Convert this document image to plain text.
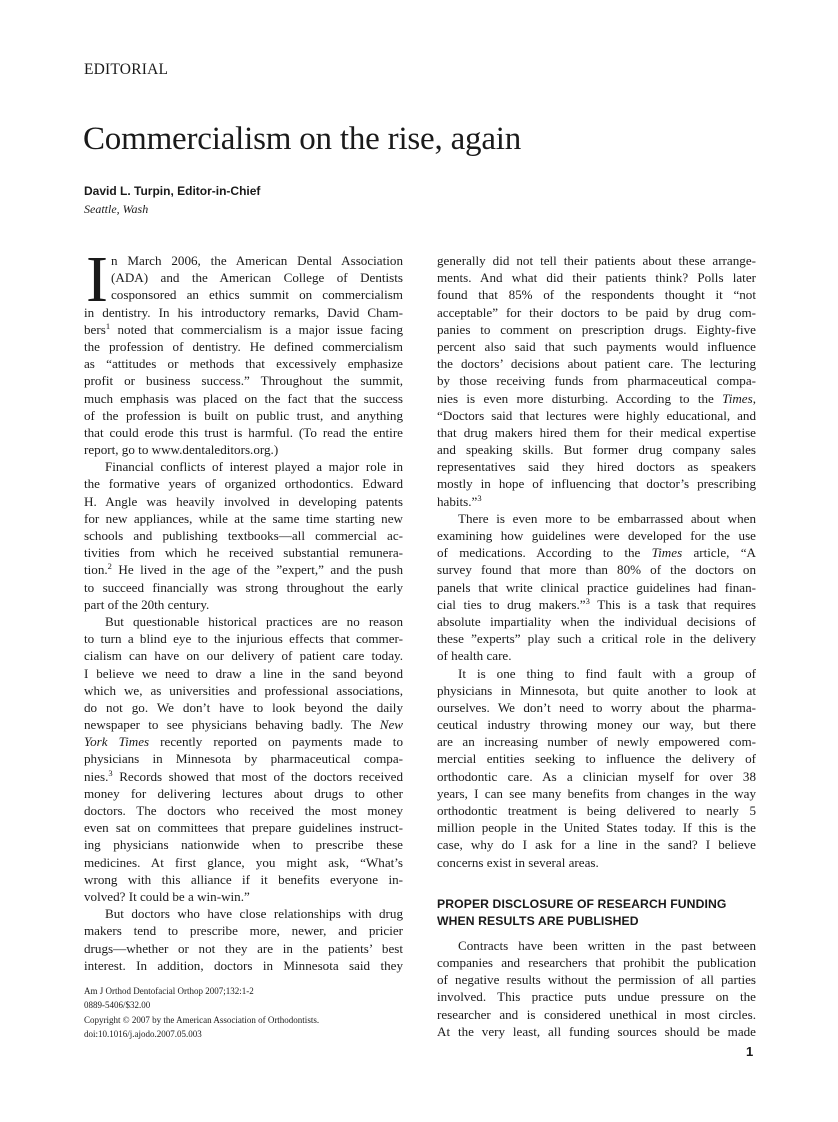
EDITORIAL
Commercialism on the rise, again
David L. Turpin, Editor-in-Chief
Seattle, Wash
I n March 2006, the American Dental Association
(ADA) and the American College of Dentists
cosponsored an ethics summit on commercialism
in dentistry. In his introductory remarks, David Cham-
bers$^1$ noted that commercialism is a major issue facing
the profession of dentistry. He defined commercialism
as “attitudes or methods that excessively emphasize
profit or business success.” Throughout the summit,
much emphasis was placed on the fact that the success
of the profession is built on public trust, and anything
that could erode this trust is harmful. (To read the entire
report, go to www.dentaleditors.org.)
Financial conflicts of interest played a major role in
the formative years of organized orthodontics. Edward
H. Angle was heavily involved in developing patents
for new appliances, while at the same time starting new
schools and publishing textbooks—all commercial ac-
tivities from which he received substantial remunera-
tion.$^2$ He lived in the age of the ”expert,” and the push
to succeed financially was strong throughout the early
part of the 20th century.
But questionable historical practices are no reason
to turn a blind eye to the injurious effects that commer-
cialism can have on our delivery of patient care today.
I believe we need to draw a line in the sand beyond
which we, as universities and professional associations,
do not go. We don’t have to look beyond the daily
newspaper to see physicians behaving badly. The New
York Times recently reported on payments made to
physicians in Minnesota by pharmaceutical compa-
nies.$^3$ Records showed that most of the doctors received
money for delivering lectures about drugs to other
doctors. The doctors who received the most money
even sat on committees that prepare guidelines instruct-
ing physicians nationwide when to prescribe these
medicines. At first glance, you might ask, “What’s
wrong with this alliance if it benefits everyone in-
volved? It could be a win-win.”
But doctors who have close relationships with drug
makers tend to prescribe more, newer, and pricier
drugs—whether or not they are in the patients’ best
interest. In addition, doctors in Minnesota said they
generally did not tell their patients about these arrange-
ments. And what did their patients think? Polls later
found that 85% of the respondents thought it “not
acceptable” for their doctors to be paid by drug com-
panies to comment on prescription drugs. Eighty-five
percent also said that such payments would influence
the doctors’ decisions about patient care. The lecturing
by those receiving funds from pharmaceutical compa-
nies is even more disturbing. According to the Times,
“Doctors said that lectures were highly educational, and
that drug makers hired them for their medical expertise
and speaking skills. But former drug company sales
representatives said they hired doctors as speakers
mostly in hope of influencing that doctor’s prescribing
habits.”$^3$
There is even more to be embarrassed about when
examining how guidelines were developed for the use
of medications. According to the Times article, “A
survey found that more than 80% of the doctors on
panels that write clinical practice guidelines had finan-
cial ties to drug makers.”$^3$ This is a task that requires
absolute impartiality when the individual decisions of
these ”experts” play such a critical role in the delivery
of health care.
It is one thing to find fault with a group of
physicians in Minnesota, but quite another to look at
ourselves. We don’t need to worry about the pharma-
ceutical industry throwing money our way, but there
are an increasing number of newly empowered com-
mercial entities seeking to influence the delivery of
orthodontic care. As a clinician myself for over 38
years, I can see many benefits from changes in the way
orthodontic treatment is being delivered to nearly 5
million people in the United States today. If this is the
case, why do I ask for a line in the sand? I believe
concerns exist in several areas.
PROPER DISCLOSURE OF RESEARCH FUNDING
WHEN RESULTS ARE PUBLISHED
Contracts have been written in the past between
companies and researchers that prohibit the publication
of negative results without the permission of all parties
involved. This practice puts undue pressure on the
researcher and is considered unethical in most circles.
At the very least, all funding sources should be made
Am J Orthod Dentofacial Orthop 2007;132:1-2
0889-5406/$32.00
Copyright © 2007 by the American Association of Orthodontists.
doi:10.1016/j.ajodo.2007.05.003
1
